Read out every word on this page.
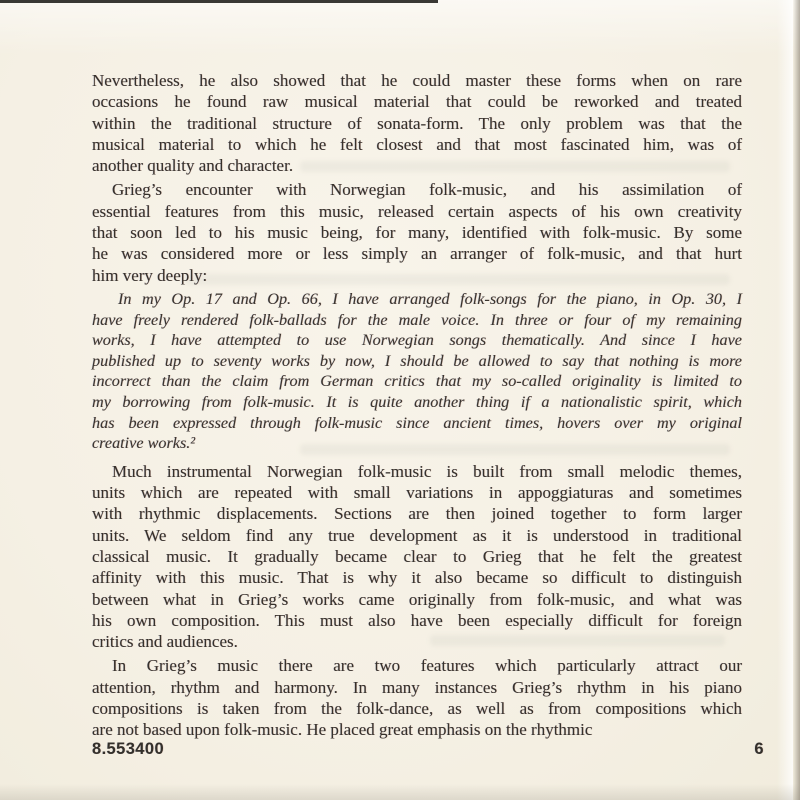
Nevertheless, he also showed that he could master these forms when on rare
occasions he found raw musical material that could be reworked and treated
within the traditional structure of sonata-form. The only problem was that the
musical material to which he felt closest and that most fascinated him, was of
another quality and character.
Grieg’s encounter with Norwegian folk-music, and his assimilation of
essential features from this music, released certain aspects of his own creativity
that soon led to his music being, for many, identified with folk-music. By some
he was considered more or less simply an arranger of folk-music, and that hurt
him very deeply:
In my Op. 17 and Op. 66, I have arranged folk-songs for the piano, in Op. 30, I
have freely rendered folk-ballads for the male voice. In three or four of my remaining
works, I have attempted to use Norwegian songs thematically. And since I have
published up to seventy works by now, I should be allowed to say that nothing is more
incorrect than the claim from German critics that my so-called originality is limited to
my borrowing from folk-music. It is quite another thing if a nationalistic spirit, which
has been expressed through folk-music since ancient times, hovers over my original
creative works.²
Much instrumental Norwegian folk-music is built from small melodic themes,
units which are repeated with small variations in appoggiaturas and sometimes
with rhythmic displacements. Sections are then joined together to form larger
units. We seldom find any true development as it is understood in traditional
classical music. It gradually became clear to Grieg that he felt the greatest
affinity with this music. That is why it also became so difficult to distinguish
between what in Grieg’s works came originally from folk-music, and what was
his own composition. This must also have been especially difficult for foreign
critics and audiences.
In Grieg’s music there are two features which particularly attract our
attention, rhythm and harmony. In many instances Grieg’s rhythm in his piano
compositions is taken from the folk-dance, as well as from compositions which
are not based upon folk-music. He placed great emphasis on the rhythmic
8.553400	6
